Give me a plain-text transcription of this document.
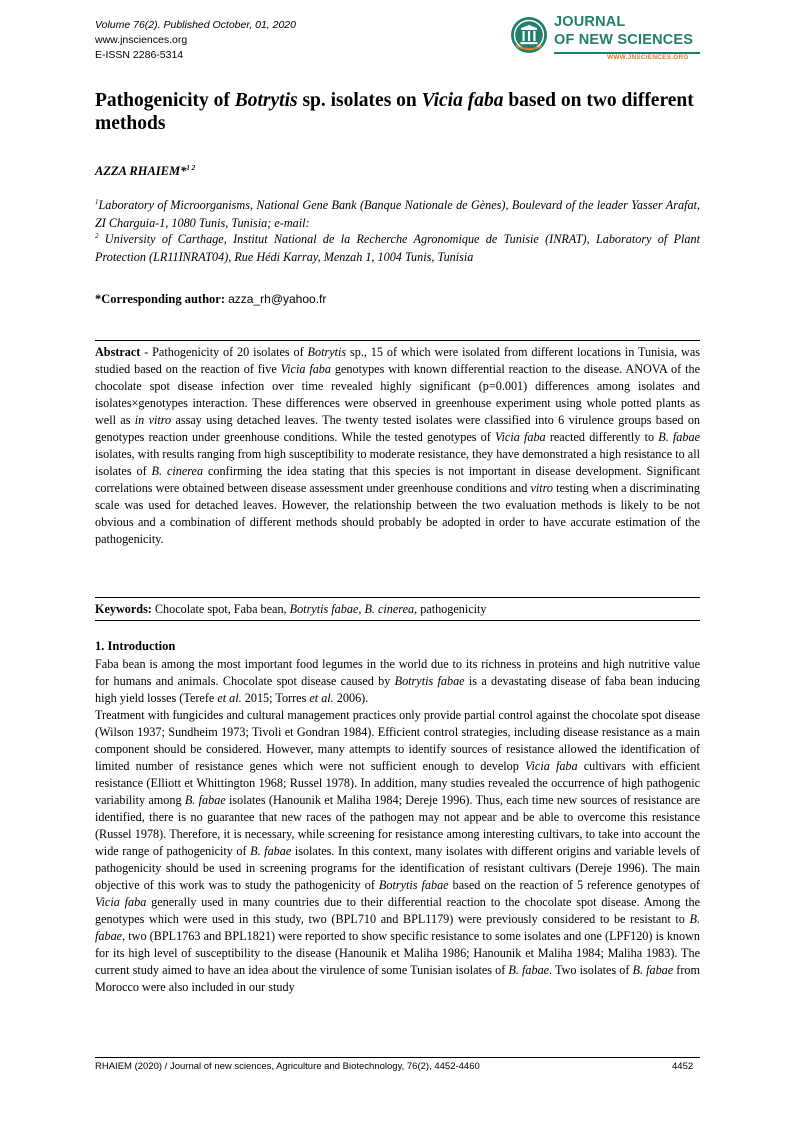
Volume 76(2). Published October, 01, 2020
www.jnsciences.org
E-ISSN 2286-5314
JOURNAL
OF NEW SCIENCES
WWW.JNSCIENCES.ORG
Pathogenicity of Botrytis sp. isolates on Vicia faba based on two different methods
AZZA RHAIEM*$^{1 2}$
$^1$Laboratory of Microorganisms, National Gene Bank (Banque Nationale de Gènes), Boulevard of the leader Yasser Arafat, ZI Charguia-1, 1080 Tunis, Tunisia; e-mail:
$^2$ University of Carthage, Institut National de la Recherche Agronomique de Tunisie (INRAT), Laboratory of Plant Protection (LR11INRAT04), Rue Hédi Karray, Menzah 1, 1004 Tunis, Tunisia
*Corresponding author: azza_rh@yahoo.fr
Abstract - Pathogenicity of 20 isolates of Botrytis sp., 15 of which were isolated from different locations in Tunisia, was studied based on the reaction of five Vicia faba genotypes with known differential reaction to the disease. ANOVA of the chocolate spot disease infection over time revealed highly significant (p=0.001) differences among isolates and isolates×genotypes interaction. These differences were observed in greenhouse experiment using whole potted plants as well as in vitro assay using detached leaves. The twenty tested isolates were classified into 6 virulence groups based on genotypes reaction under greenhouse conditions. While the tested genotypes of Vicia faba reacted differently to B. fabae isolates, with results ranging from high susceptibility to moderate resistance, they have demonstrated a high resistance to all isolates of B. cinerea confirming the idea stating that this species is not important in disease development. Significant correlations were obtained between disease assessment under greenhouse conditions and vitro testing when a discriminating scale was used for detached leaves. However, the relationship between the two evaluation methods is likely to be not obvious and a combination of different methods should probably be adopted in order to have accurate estimation of the pathogenicity.
Keywords: Chocolate spot, Faba bean, Botrytis fabae, B. cinerea, pathogenicity
1. Introduction

Faba bean is among the most important food legumes in the world due to its richness in proteins and high nutritive value for humans and animals. Chocolate spot disease caused by Botrytis fabae is a devastating disease of faba bean inducing high yield losses (Terefe et al. 2015; Torres et al. 2006).

Treatment with fungicides and cultural management practices only provide partial control against the chocolate spot disease (Wilson 1937; Sundheim 1973; Tivoli et Gondran 1984). Efficient control strategies, including disease resistance as a main component should be considered. However, many attempts to identify sources of resistance allowed the identification of limited number of resistance genes which were not sufficient enough to develop Vicia faba cultivars with efficient resistance (Elliott et Whittington 1968; Russel 1978). In addition, many studies revealed the occurrence of high pathogenic variability among B. fabae isolates (Hanounik et Maliha 1984; Dereje 1996). Thus, each time new sources of resistance are identified, there is no guarantee that new races of the pathogen may not appear and be able to overcome this resistance (Russel 1978). Therefore, it is necessary, while screening for resistance among interesting cultivars, to take into account the wide range of pathogenicity of B. fabae isolates. In this context, many isolates with different origins and variable levels of pathogenicity should be used in screening programs for the identification of resistant cultivars (Dereje 1996). The main objective of this work was to study the pathogenicity of Botrytis fabae based on the reaction of 5 reference genotypes of Vicia faba generally used in many countries due to their differential reaction to the chocolate spot disease. Among the genotypes which were used in this study, two (BPL710 and BPL1179) were previously considered to be resistant to B. fabae, two (BPL1763 and BPL1821) were reported to show specific resistance to some isolates and one (LPF120) is known for its high level of susceptibility to the disease (Hanounik et Maliha 1986; Hanounik et Maliha 1984; Maliha 1983). The current study aimed to have an idea about the virulence of some Tunisian isolates of B. fabae. Two isolates of B. fabae from Morocco were also included in our study

RHAIEM (2020) / Journal of new sciences, Agriculture and Biotechnology, 76(2), 4452-4460	4452
